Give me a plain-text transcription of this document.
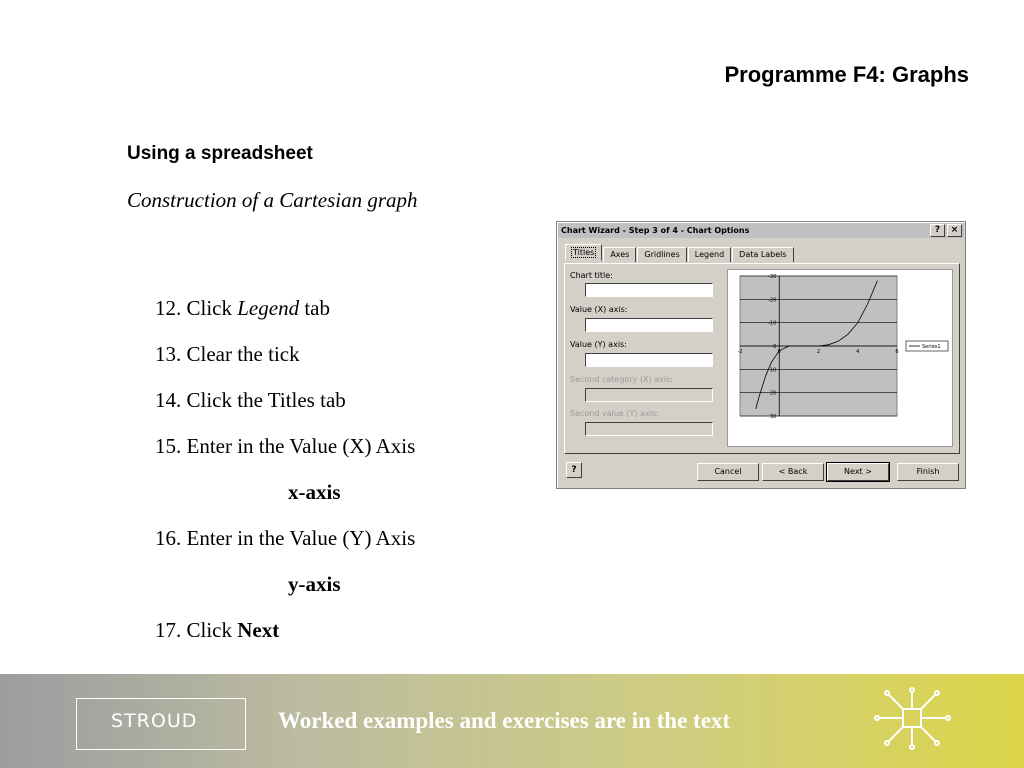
Programme F4: Graphs
Using a spreadsheet
Construction of a Cartesian graph
12. Click Legend tab
13. Clear the tick
14. Click the Titles tab
15. Enter in the Value (X) Axis
x-axis
16. Enter in the Value (Y) Axis
y-axis
17. Click Next
Chart Wizard - Step 3 of 4 - Chart Options	?	×
Titles	Axes	Gridlines	Legend	Data Labels
Chart title:
Value (X) axis:
Value (Y) axis:
Second category (X) axis:
Second value (Y) axis:	30
20
10
0
-10
-20
-30
-2	0	2	4	6
Series1
?	Cancel	< Back	Next >	Finish
STROUD	Worked examples and exercises are in the text
